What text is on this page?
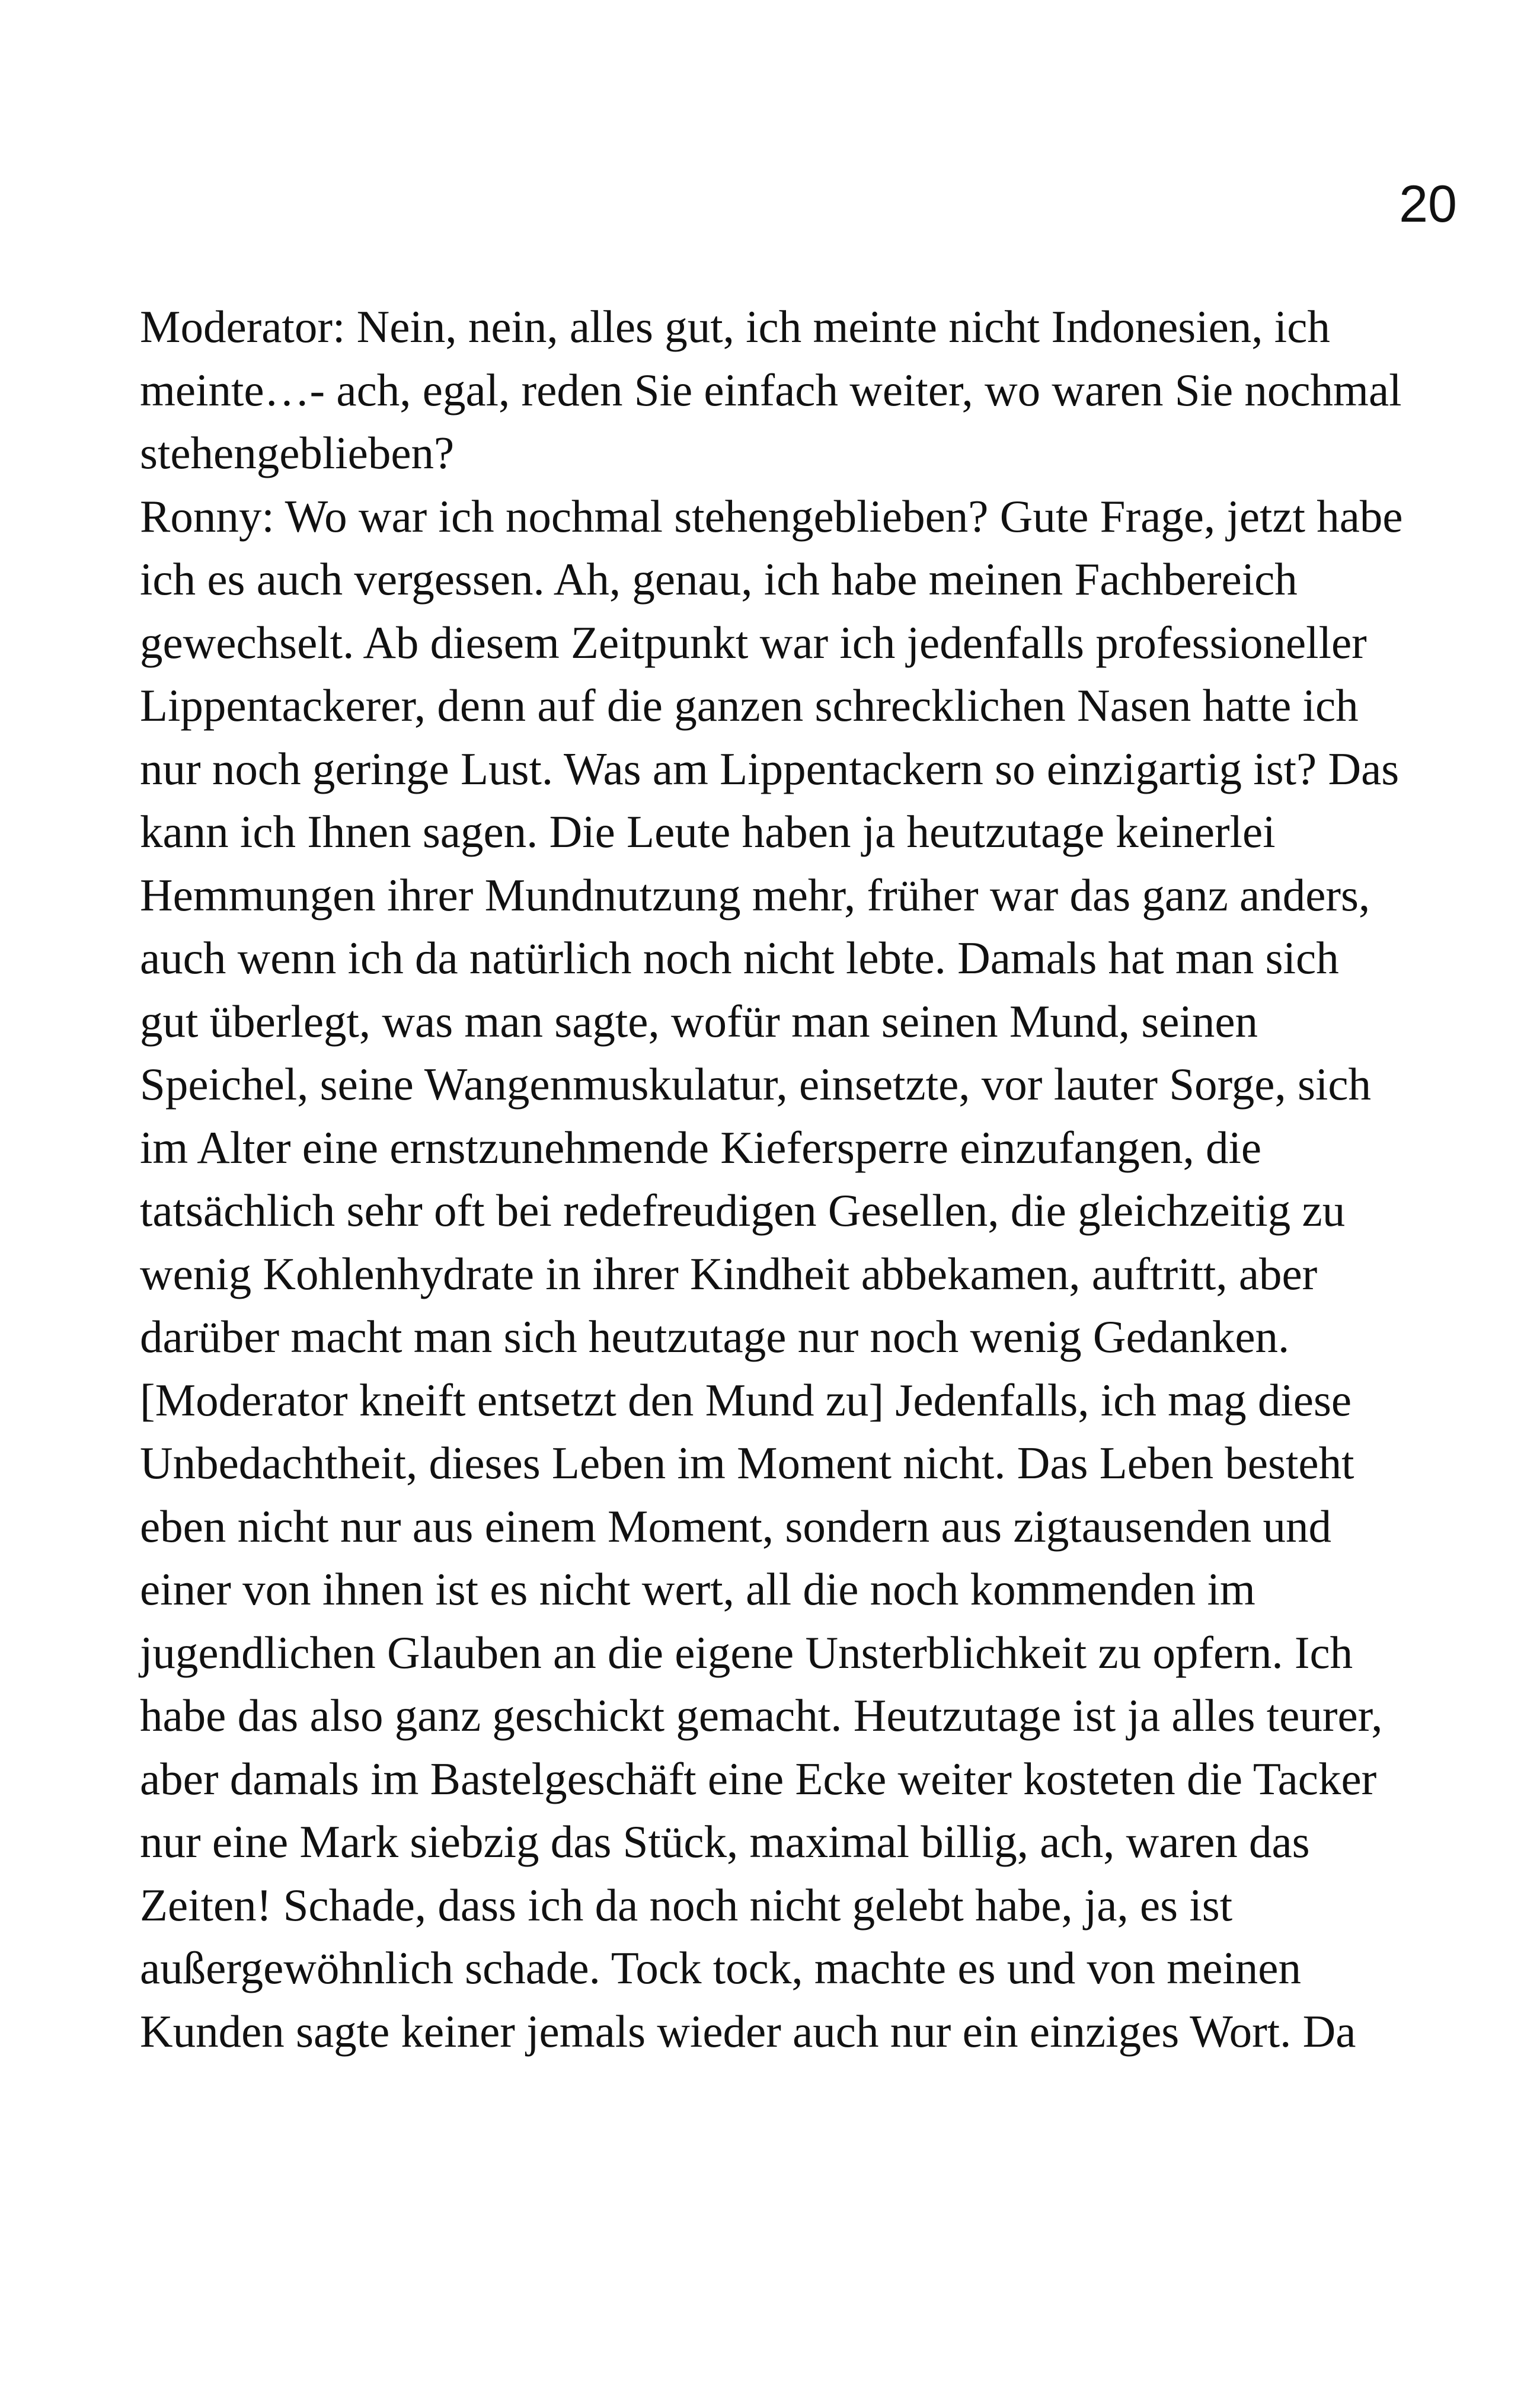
20
Moderator: Nein, nein, alles gut, ich meinte nicht Indonesien, ich
meinte…- ach, egal, reden Sie einfach weiter, wo waren Sie nochmal
stehengeblieben?
Ronny: Wo war ich nochmal stehengeblieben? Gute Frage, jetzt habe
ich es auch vergessen. Ah, genau, ich habe meinen Fachbereich
gewechselt. Ab diesem Zeitpunkt war ich jedenfalls professioneller
Lippentackerer, denn auf die ganzen schrecklichen Nasen hatte ich
nur noch geringe Lust. Was am Lippentackern so einzigartig ist? Das
kann ich Ihnen sagen. Die Leute haben ja heutzutage keinerlei
Hemmungen ihrer Mundnutzung mehr, früher war das ganz anders,
auch wenn ich da natürlich noch nicht lebte. Damals hat man sich
gut überlegt, was man sagte, wofür man seinen Mund, seinen
Speichel, seine Wangenmuskulatur, einsetzte, vor lauter Sorge, sich
im Alter eine ernstzunehmende Kiefersperre einzufangen, die
tatsächlich sehr oft bei redefreudigen Gesellen, die gleichzeitig zu
wenig Kohlenhydrate in ihrer Kindheit abbekamen, auftritt, aber
darüber macht man sich heutzutage nur noch wenig Gedanken.
[Moderator kneift entsetzt den Mund zu] Jedenfalls, ich mag diese
Unbedachtheit, dieses Leben im Moment nicht. Das Leben besteht
eben nicht nur aus einem Moment, sondern aus zigtausenden und
einer von ihnen ist es nicht wert, all die noch kommenden im
jugendlichen Glauben an die eigene Unsterblichkeit zu opfern. Ich
habe das also ganz geschickt gemacht. Heutzutage ist ja alles teurer,
aber damals im Bastelgeschäft eine Ecke weiter kosteten die Tacker
nur eine Mark siebzig das Stück, maximal billig, ach, waren das
Zeiten! Schade, dass ich da noch nicht gelebt habe, ja, es ist
außergewöhnlich schade. Tock tock, machte es und von meinen
Kunden sagte keiner jemals wieder auch nur ein einziges Wort. Da
